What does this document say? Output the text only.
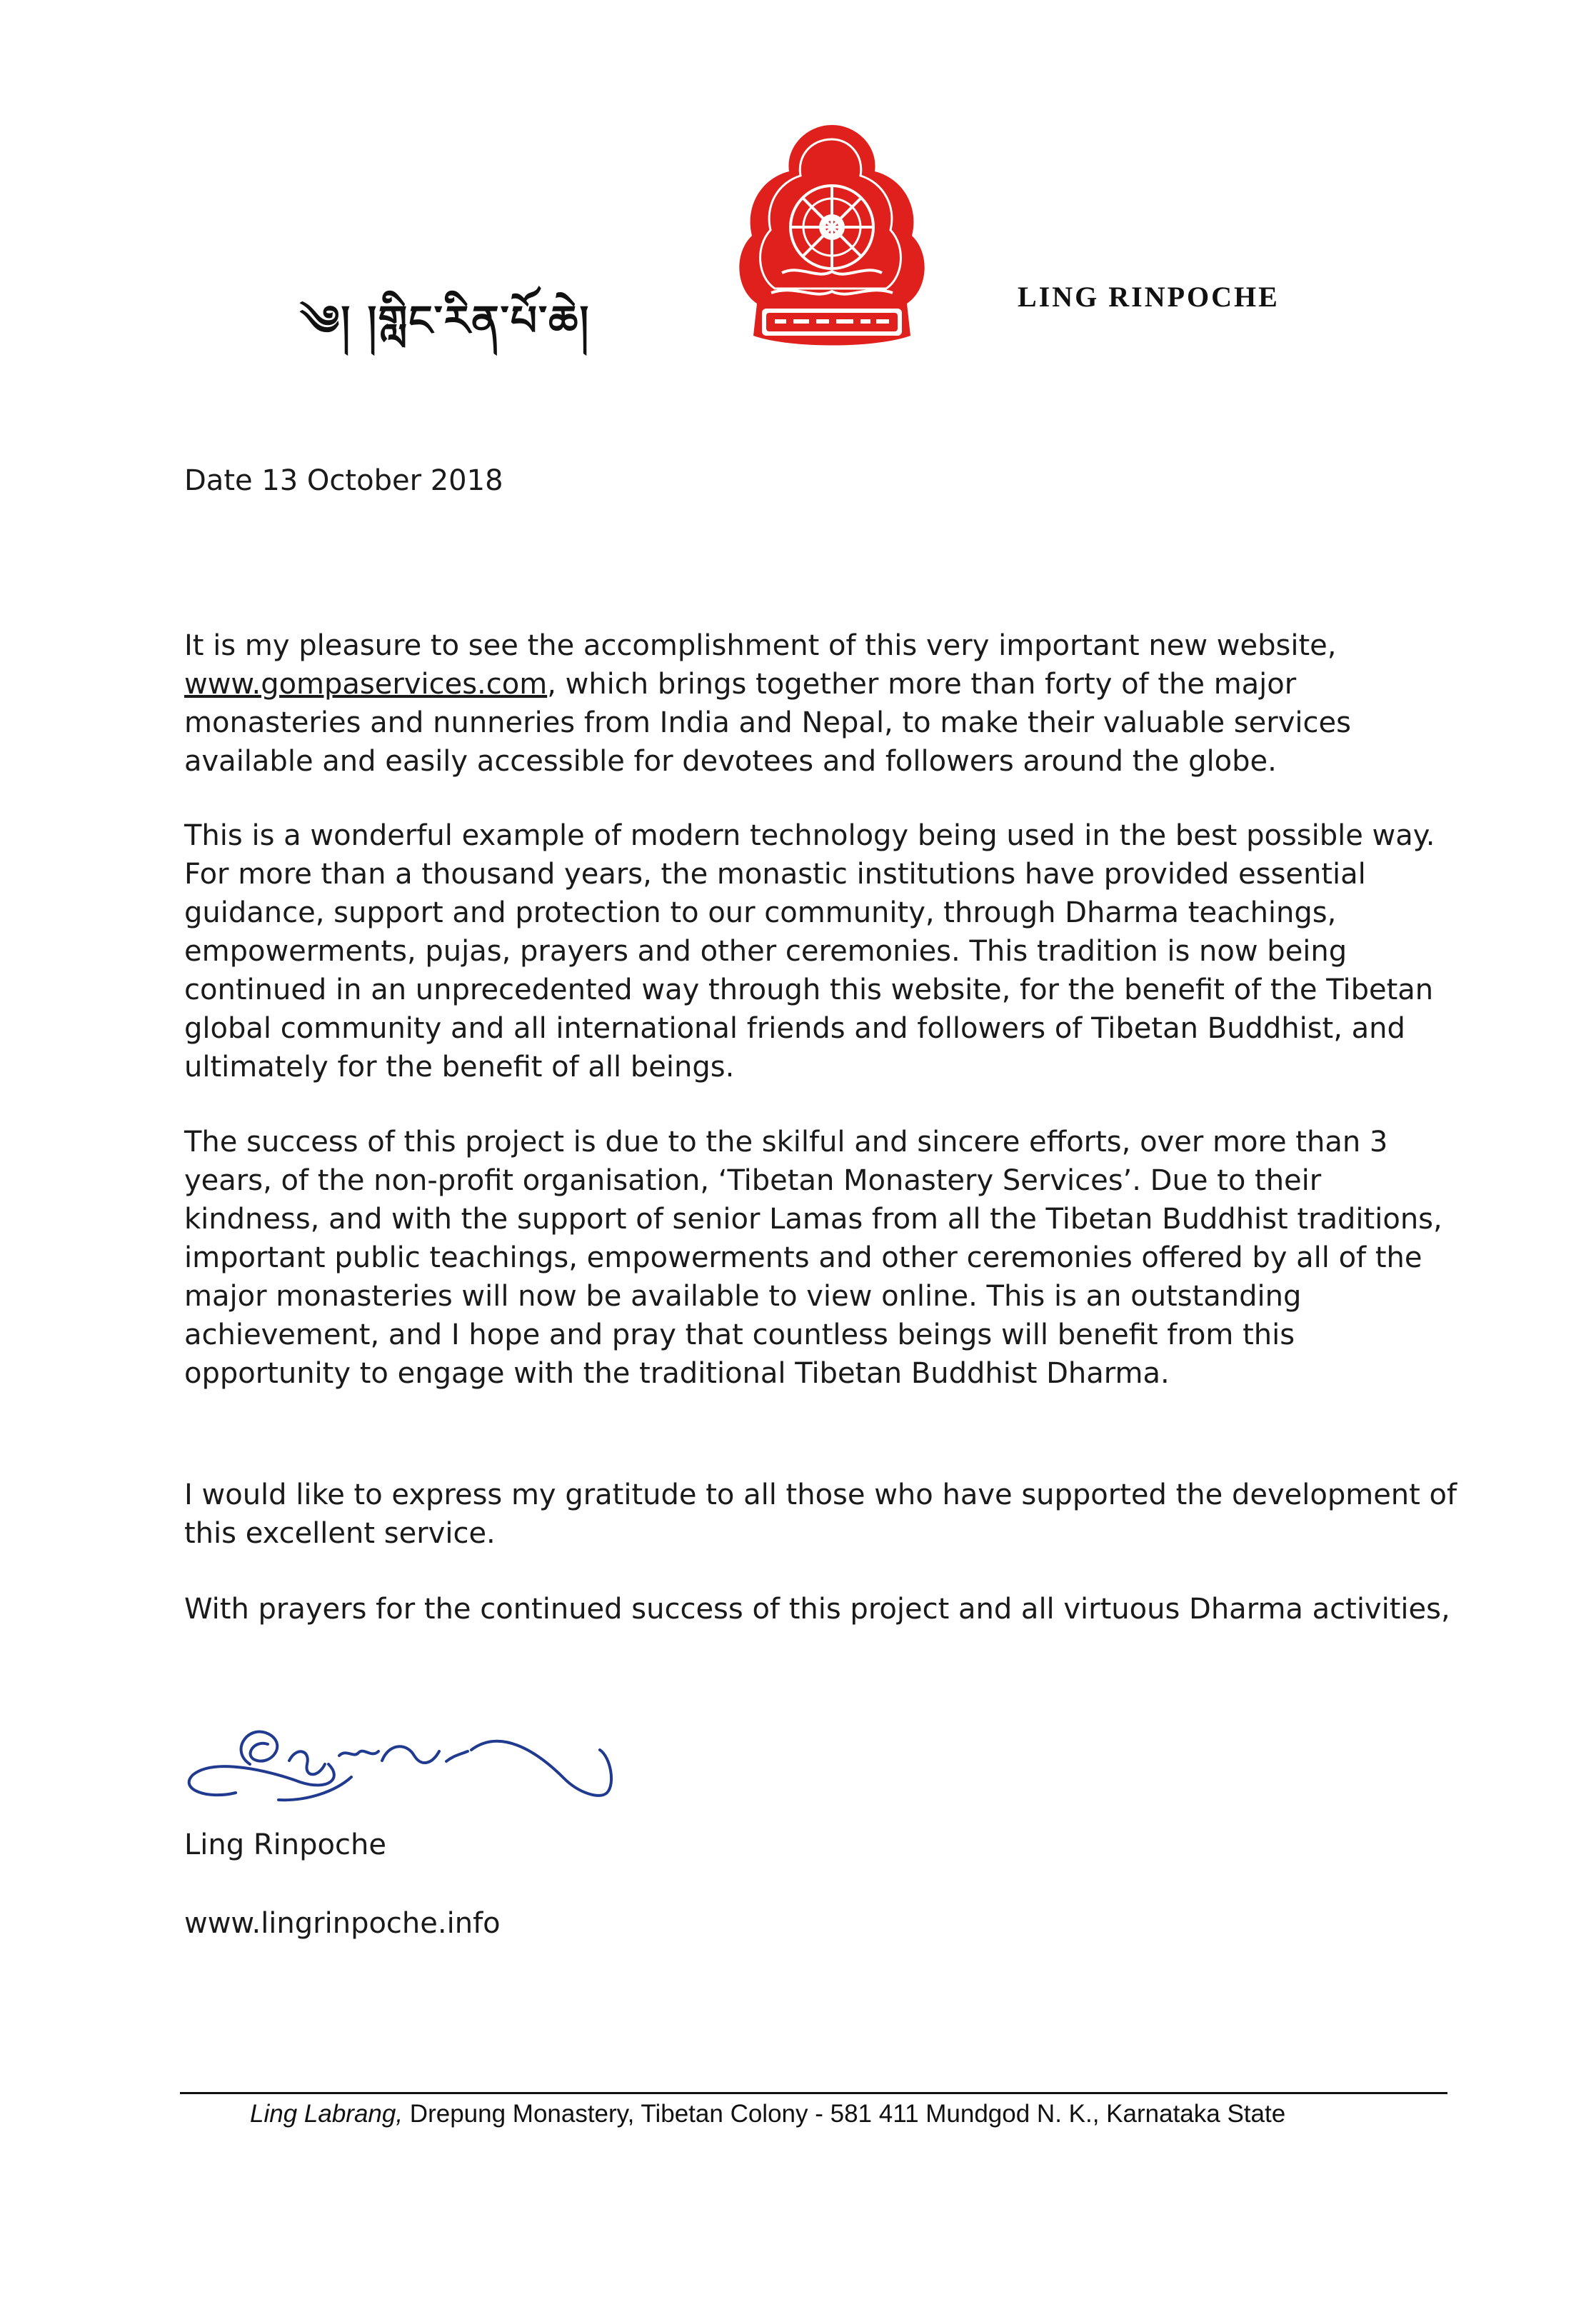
༄། །གླིང་རིན་པོ་ཆེ།	LING RINPOCHE
Date 13 October 2018

It is my pleasure to see the accomplishment of this very important new website, www.gompaservices.com, which brings together more than forty of the major monasteries and nunneries from India and Nepal, to make their valuable services available and easily accessible for devotees and followers around the globe.

This is a wonderful example of modern technology being used in the best possible way. For more than a thousand years, the monastic institutions have provided essential guidance, support and protection to our community, through Dharma teachings, empowerments, pujas, prayers and other ceremonies. This tradition is now being continued in an unprecedented way through this website, for the benefit of the Tibetan global community and all international friends and followers of Tibetan Buddhist, and ultimately for the benefit of all beings.

The success of this project is due to the skilful and sincere efforts, over more than 3 years, of the non-profit organisation, ‘Tibetan Monastery Services’. Due to their kindness, and with the support of senior Lamas from all the Tibetan Buddhist traditions, important public teachings, empowerments and other ceremonies offered by all of the major monasteries will now be available to view online. This is an outstanding achievement, and I hope and pray that countless beings will benefit from this opportunity to engage with the traditional Tibetan Buddhist Dharma.

I would like to express my gratitude to all those who have supported the development of this excellent service.

With prayers for the continued success of this project and all virtuous Dharma activities,

Ling Rinpoche
www.lingrinpoche.info
Ling Labrang, Drepung Monastery, Tibetan Colony - 581 411 Mundgod N. K., Karnataka State
